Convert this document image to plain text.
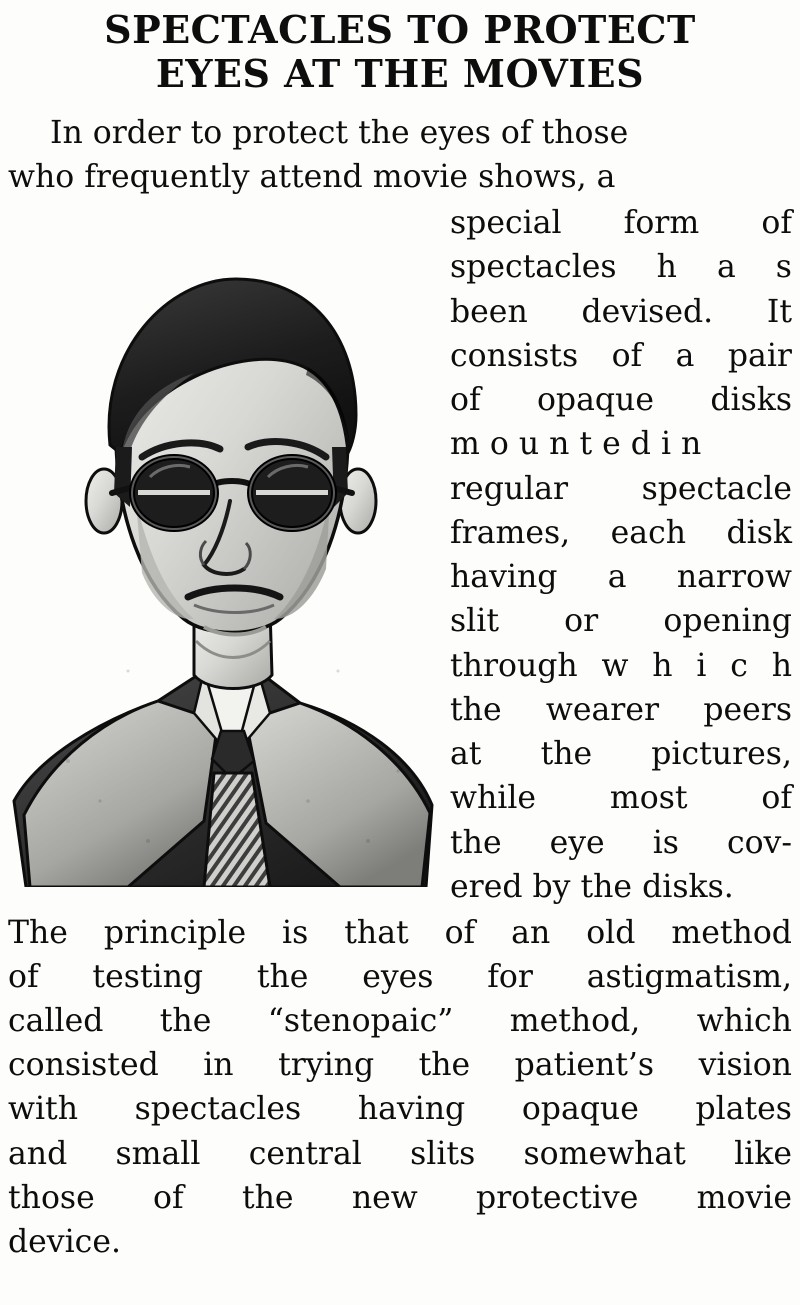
SPECTACLES TO PROTECT
EYES AT THE MOVIES
In order to protect the eyes of those
who frequently attend movie shows, a
special form of
spectacles h a s
been devised. It
consists of a pair
of opaque disks
m o u n t e d i n
regular spectacle
frames, each disk
having a narrow
slit or opening
through w h i c h
the wearer peers
at the pictures,
while most of
the eye is cov-
ered by the disks.
The principle is that of an old method
of testing the eyes for astigmatism,
called the “stenopaic” method, which
consisted in trying the patient’s vision
with spectacles having opaque plates
and small central slits somewhat like
those of the new protective movie
device.
